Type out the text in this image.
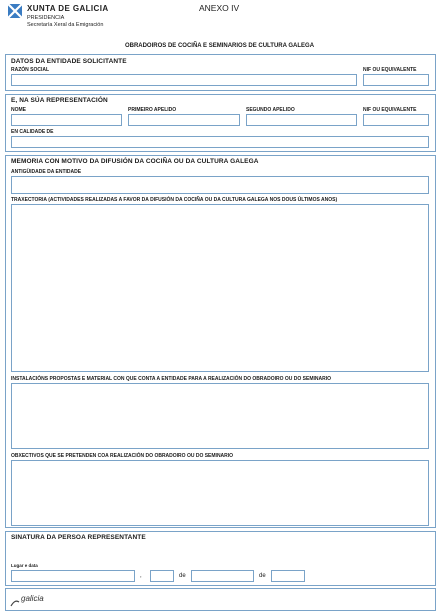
XUNTA DE GALICIA
PRESIDENCIA
Secretaría Xeral da Emigración
ANEXO IV
OBRADOIROS DE COCIÑA E SEMINARIOS DE CULTURA GALEGA
DATOS DA ENTIDADE SOLICITANTE
RAZÓN SOCIAL	NIF OU EQUIVALENTE
E, NA SÚA REPRESENTACIÓN
NOME	PRIMEIRO APELIDO	SEGUNDO APELIDO	NIF OU EQUIVALENTE
EN CALIDADE DE
MEMORIA CON MOTIVO DA DIFUSIÓN DA COCIÑA OU DA CULTURA GALEGA
ANTIGÜIDADE DA ENTIDADE
TRAXECTORIA (ACTIVIDADES REALIZADAS A FAVOR DA DIFUSIÓN DA COCIÑA OU DA CULTURA GALEGA NOS DOUS ÚLTIMOS ANOS)
INSTALACIÓNS PROPOSTAS E MATERIAL CON QUE CONTA A ENTIDADE PARA A REALIZACIÓN DO OBRADOIRO OU DO SEMINARIO
OBXECTIVOS QUE SE PRETENDEN COA REALIZACIÓN DO OBRADOIRO OU DO SEMINARIO
SINATURA DA PERSOA REPRESENTANTE
Lugar e data
,	de	de
galicia
